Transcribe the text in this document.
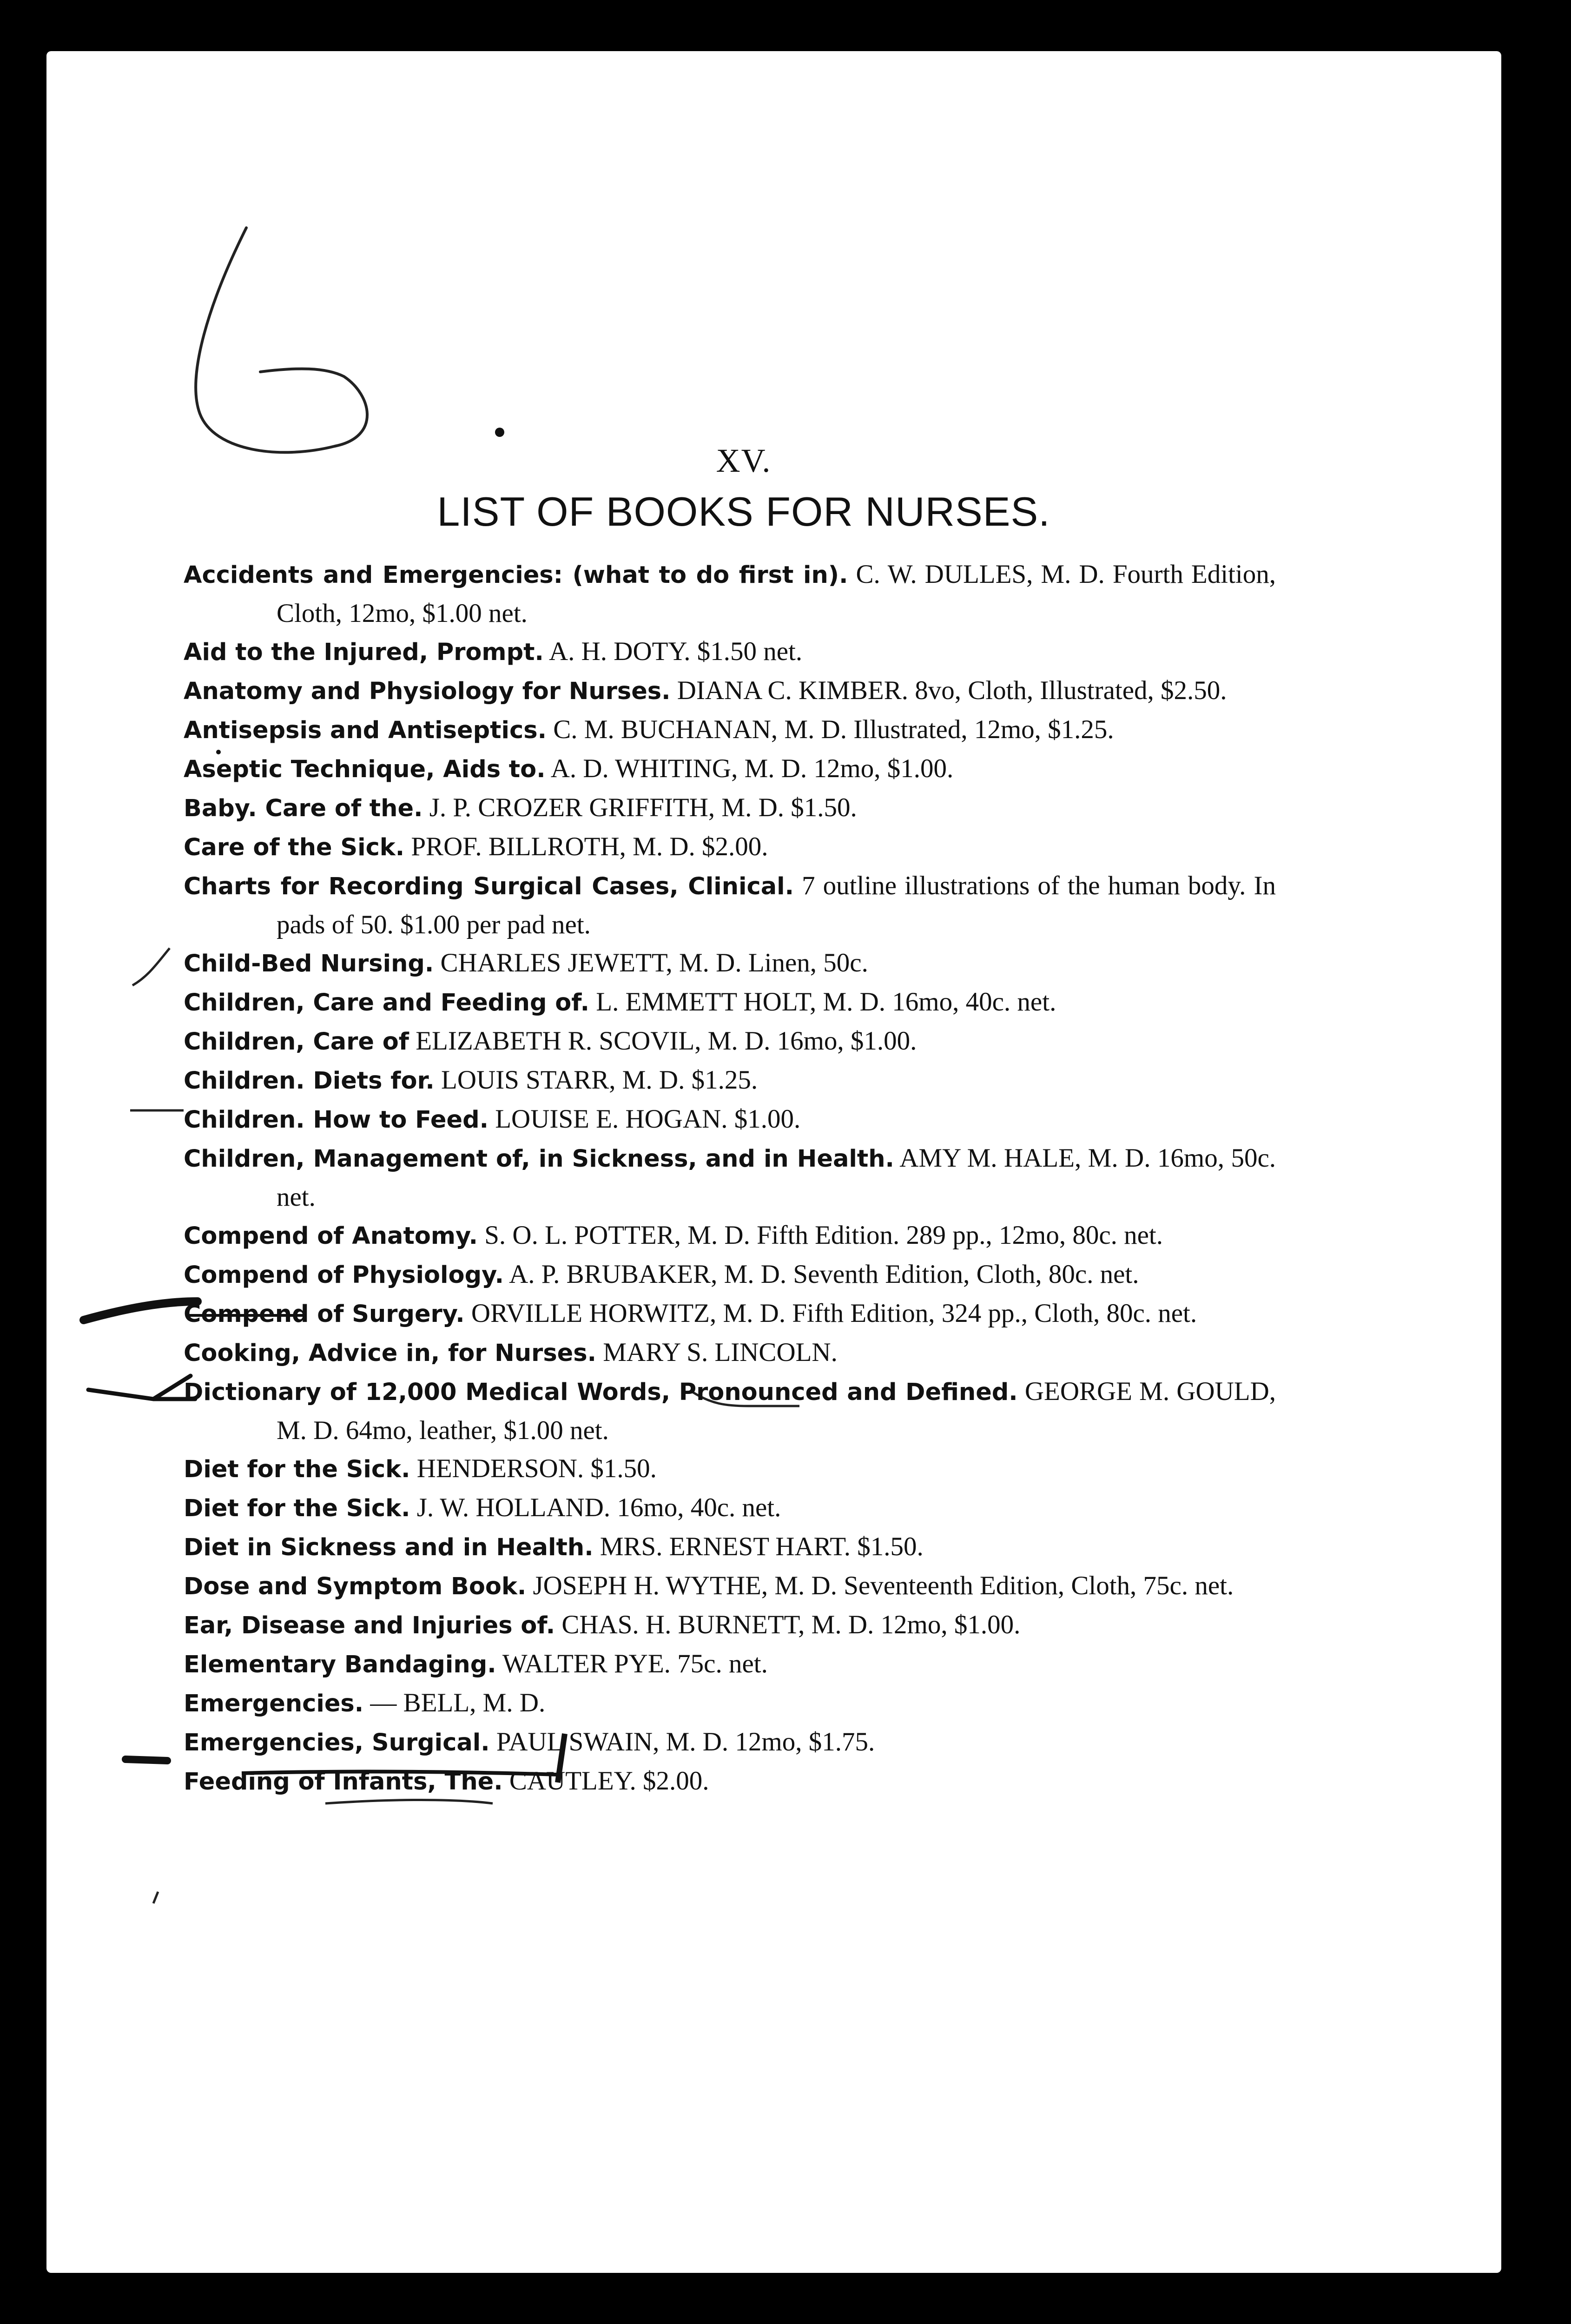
XV.
LIST OF BOOKS FOR NURSES.
Accidents and Emergencies: (what to do first in). C. W. DULLES, M. D. Fourth Edition, Cloth, 12mo, $1.00 net.
Aid to the Injured, Prompt. A. H. DOTY. $1.50 net.
Anatomy and Physiology for Nurses. DIANA C. KIMBER. 8vo, Cloth, Illustrated, $2.50.
Antisepsis and Antiseptics. C. M. BUCHANAN, M. D. Illustrated, 12mo, $1.25.
Aseptic Technique, Aids to. A. D. WHITING, M. D. 12mo, $1.00.
Baby. Care of the. J. P. CROZER GRIFFITH, M. D. $1.50.
Care of the Sick. PROF. BILLROTH, M. D. $2.00.
Charts for Recording Surgical Cases, Clinical. 7 outline illustrations of the human body. In pads of 50. $1.00 per pad net.
Child-Bed Nursing. CHARLES JEWETT, M. D. Linen, 50c.
Children, Care and Feeding of. L. EMMETT HOLT, M. D. 16mo, 40c. net.
Children, Care of ELIZABETH R. SCOVIL, M. D. 16mo, $1.00.
Children. Diets for. LOUIS STARR, M. D. $1.25.
Children. How to Feed. LOUISE E. HOGAN. $1.00.
Children, Management of, in Sickness, and in Health. AMY M. HALE, M. D. 16mo, 50c. net.
Compend of Anatomy. S. O. L. POTTER, M. D. Fifth Edition. 289 pp., 12mo, 80c. net.
Compend of Physiology. A. P. BRUBAKER, M. D. Seventh Edition, Cloth, 80c. net.
Compend of Surgery. ORVILLE HORWITZ, M. D. Fifth Edition, 324 pp., Cloth, 80c. net.
Cooking, Advice in, for Nurses. MARY S. LINCOLN.
Dictionary of 12,000 Medical Words, Pronounced and Defined. GEORGE M. GOULD, M. D. 64mo, leather, $1.00 net.
Diet for the Sick. HENDERSON. $1.50.
Diet for the Sick. J. W. HOLLAND. 16mo, 40c. net.
Diet in Sickness and in Health. MRS. ERNEST HART. $1.50.
Dose and Symptom Book. JOSEPH H. WYTHE, M. D. Seventeenth Edition, Cloth, 75c. net.
Ear, Disease and Injuries of. CHAS. H. BURNETT, M. D. 12mo, $1.00.
Elementary Bandaging. WALTER PYE. 75c. net.
Emergencies. — BELL, M. D.
Emergencies, Surgical. PAUL SWAIN, M. D. 12mo, $1.75.
Feeding of Infants, The. CAUTLEY. $2.00.
